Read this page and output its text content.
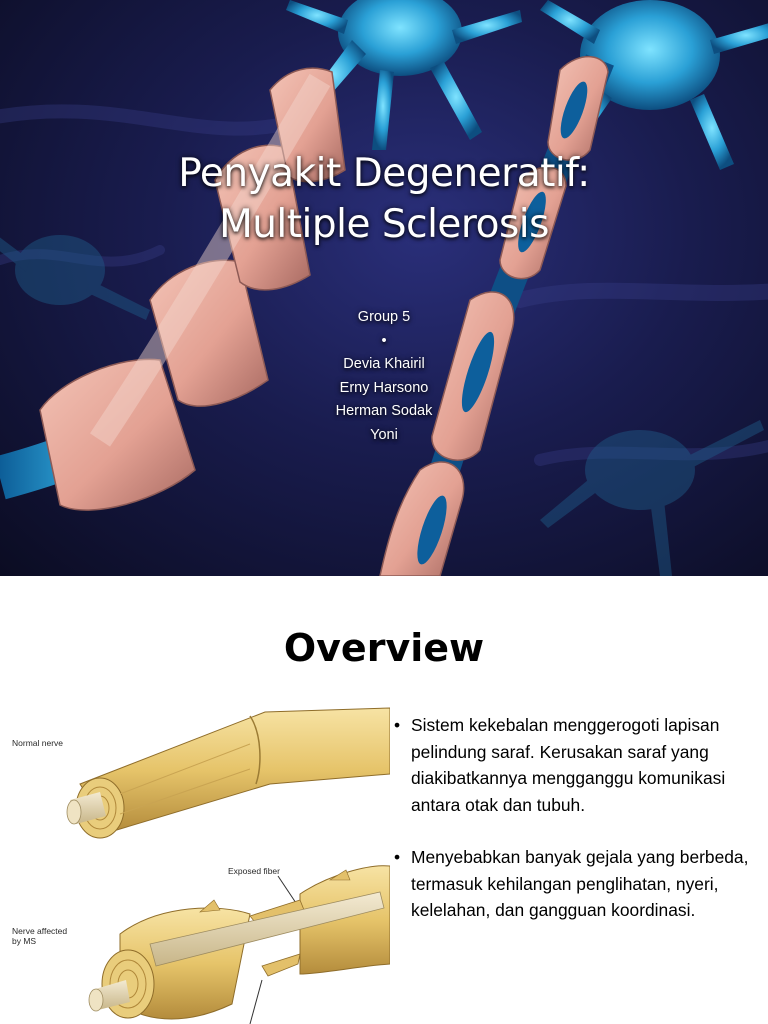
Penyakit Degeneratif:
Multiple Sclerosis
Group 5
•
Devia Khairil
Erny Harsono
Herman Sodak
Yoni
Overview
Normal nerve
Exposed fiber
Nerve affected
by MS
• Sistem kekebalan menggerogoti lapisan pelindung saraf. Kerusakan saraf yang diakibatkannya mengganggu komunikasi antara otak dan tubuh.
• Menyebabkan banyak gejala yang berbeda, termasuk kehilangan penglihatan, nyeri, kelelahan, dan gangguan koordinasi.
